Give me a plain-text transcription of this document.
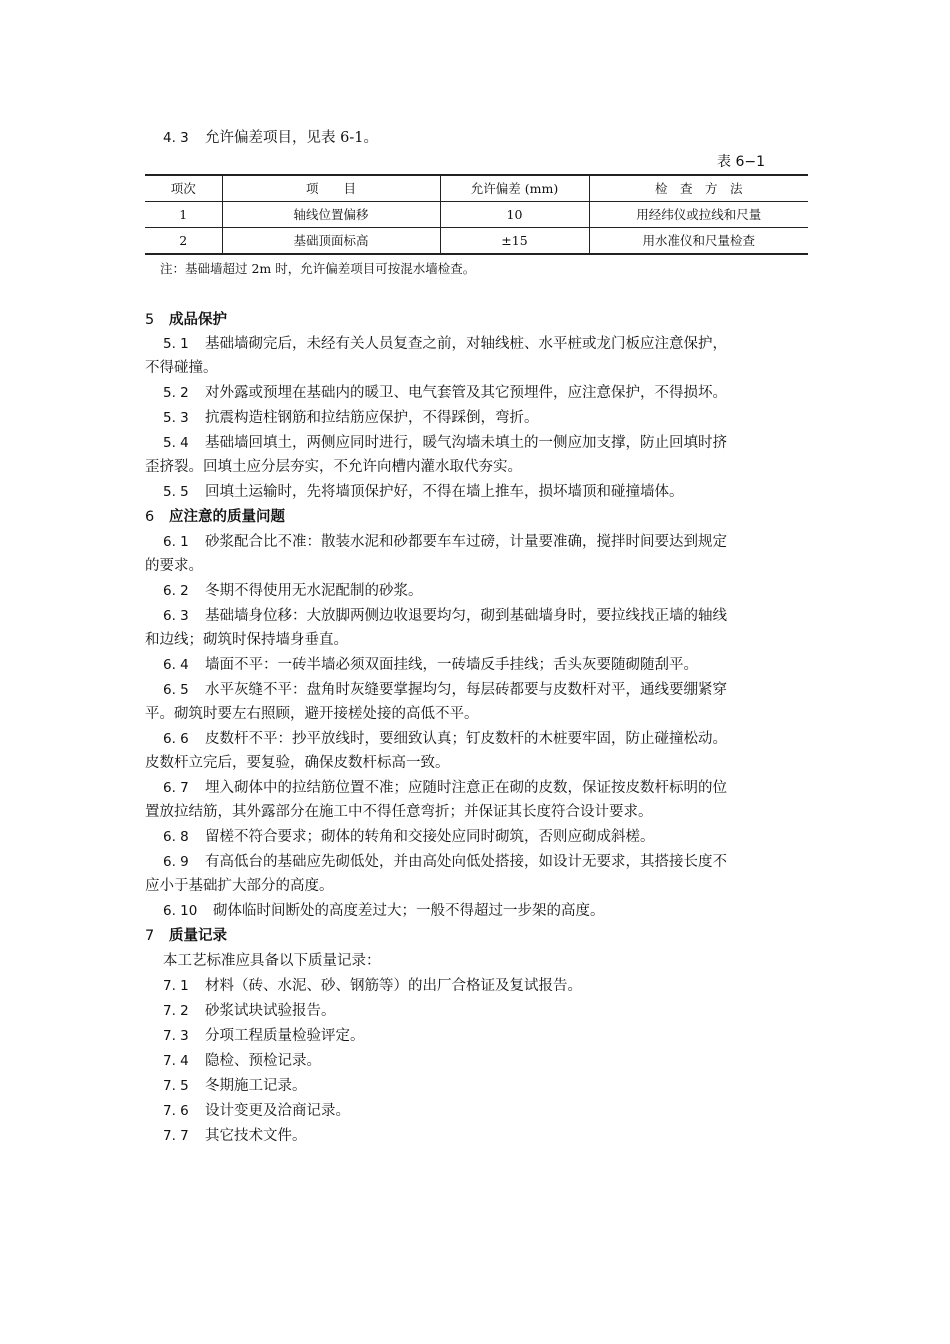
4. 3 允许偏差项目，见表 6-1。
表 6−1
项次	项　　目	允许偏差 (mm)	检　查　方　法
1	轴线位置偏移	10	用经纬仪或拉线和尺量
2	基础顶面标高	±15	用水准仪和尺量检查
注：基础墙超过 2m 时，允许偏差项目可按混水墙检查。
5 成品保护
5. 1 基础墙砌完后，未经有关人员复查之前，对轴线桩、水平桩或龙门板应注意保护，
不得碰撞。
5. 2 对外露或预埋在基础内的暖卫、电气套管及其它预埋件，应注意保护，不得损坏。
5. 3 抗震构造柱钢筋和拉结筋应保护，不得踩倒，弯折。
5. 4 基础墙回填土，两侧应同时进行，暖气沟墙未填土的一侧应加支撑，防止回填时挤
歪挤裂。回填土应分层夯实，不允许向槽内灌水取代夯实。
5. 5 回填土运输时，先将墙顶保护好，不得在墙上推车，损坏墙顶和碰撞墙体。
6 应注意的质量问题
6. 1 砂浆配合比不准：散装水泥和砂都要车车过磅，计量要准确，搅拌时间要达到规定
的要求。
6. 2 冬期不得使用无水泥配制的砂浆。
6. 3 基础墙身位移：大放脚两侧边收退要均匀，砌到基础墙身时，要拉线找正墙的轴线
和边线；砌筑时保持墙身垂直。
6. 4 墙面不平：一砖半墙必须双面挂线，一砖墙反手挂线；舌头灰要随砌随刮平。
6. 5 水平灰缝不平：盘角时灰缝要掌握均匀，每层砖都要与皮数杆对平，通线要绷紧穿
平。砌筑时要左右照顾，避开接槎处接的高低不平。
6. 6 皮数杆不平：抄平放线时，要细致认真；钉皮数杆的木桩要牢固，防止碰撞松动。
皮数杆立完后，要复验，确保皮数杆标高一致。
6. 7 埋入砌体中的拉结筋位置不准；应随时注意正在砌的皮数，保证按皮数杆标明的位
置放拉结筋，其外露部分在施工中不得任意弯折；并保证其长度符合设计要求。
6. 8 留槎不符合要求；砌体的转角和交接处应同时砌筑，否则应砌成斜槎。
6. 9 有高低台的基础应先砌低处，并由高处向低处搭接，如设计无要求，其搭接长度不
应小于基础扩大部分的高度。
6. 10 砌体临时间断处的高度差过大；一般不得超过一步架的高度。
7 质量记录
本工艺标准应具备以下质量记录：
7. 1 材料（砖、水泥、砂、钢筋等）的出厂合格证及复试报告。
7. 2 砂浆试块试验报告。
7. 3 分项工程质量检验评定。
7. 4 隐检、预检记录。
7. 5 冬期施工记录。
7. 6 设计变更及洽商记录。
7. 7 其它技术文件。
